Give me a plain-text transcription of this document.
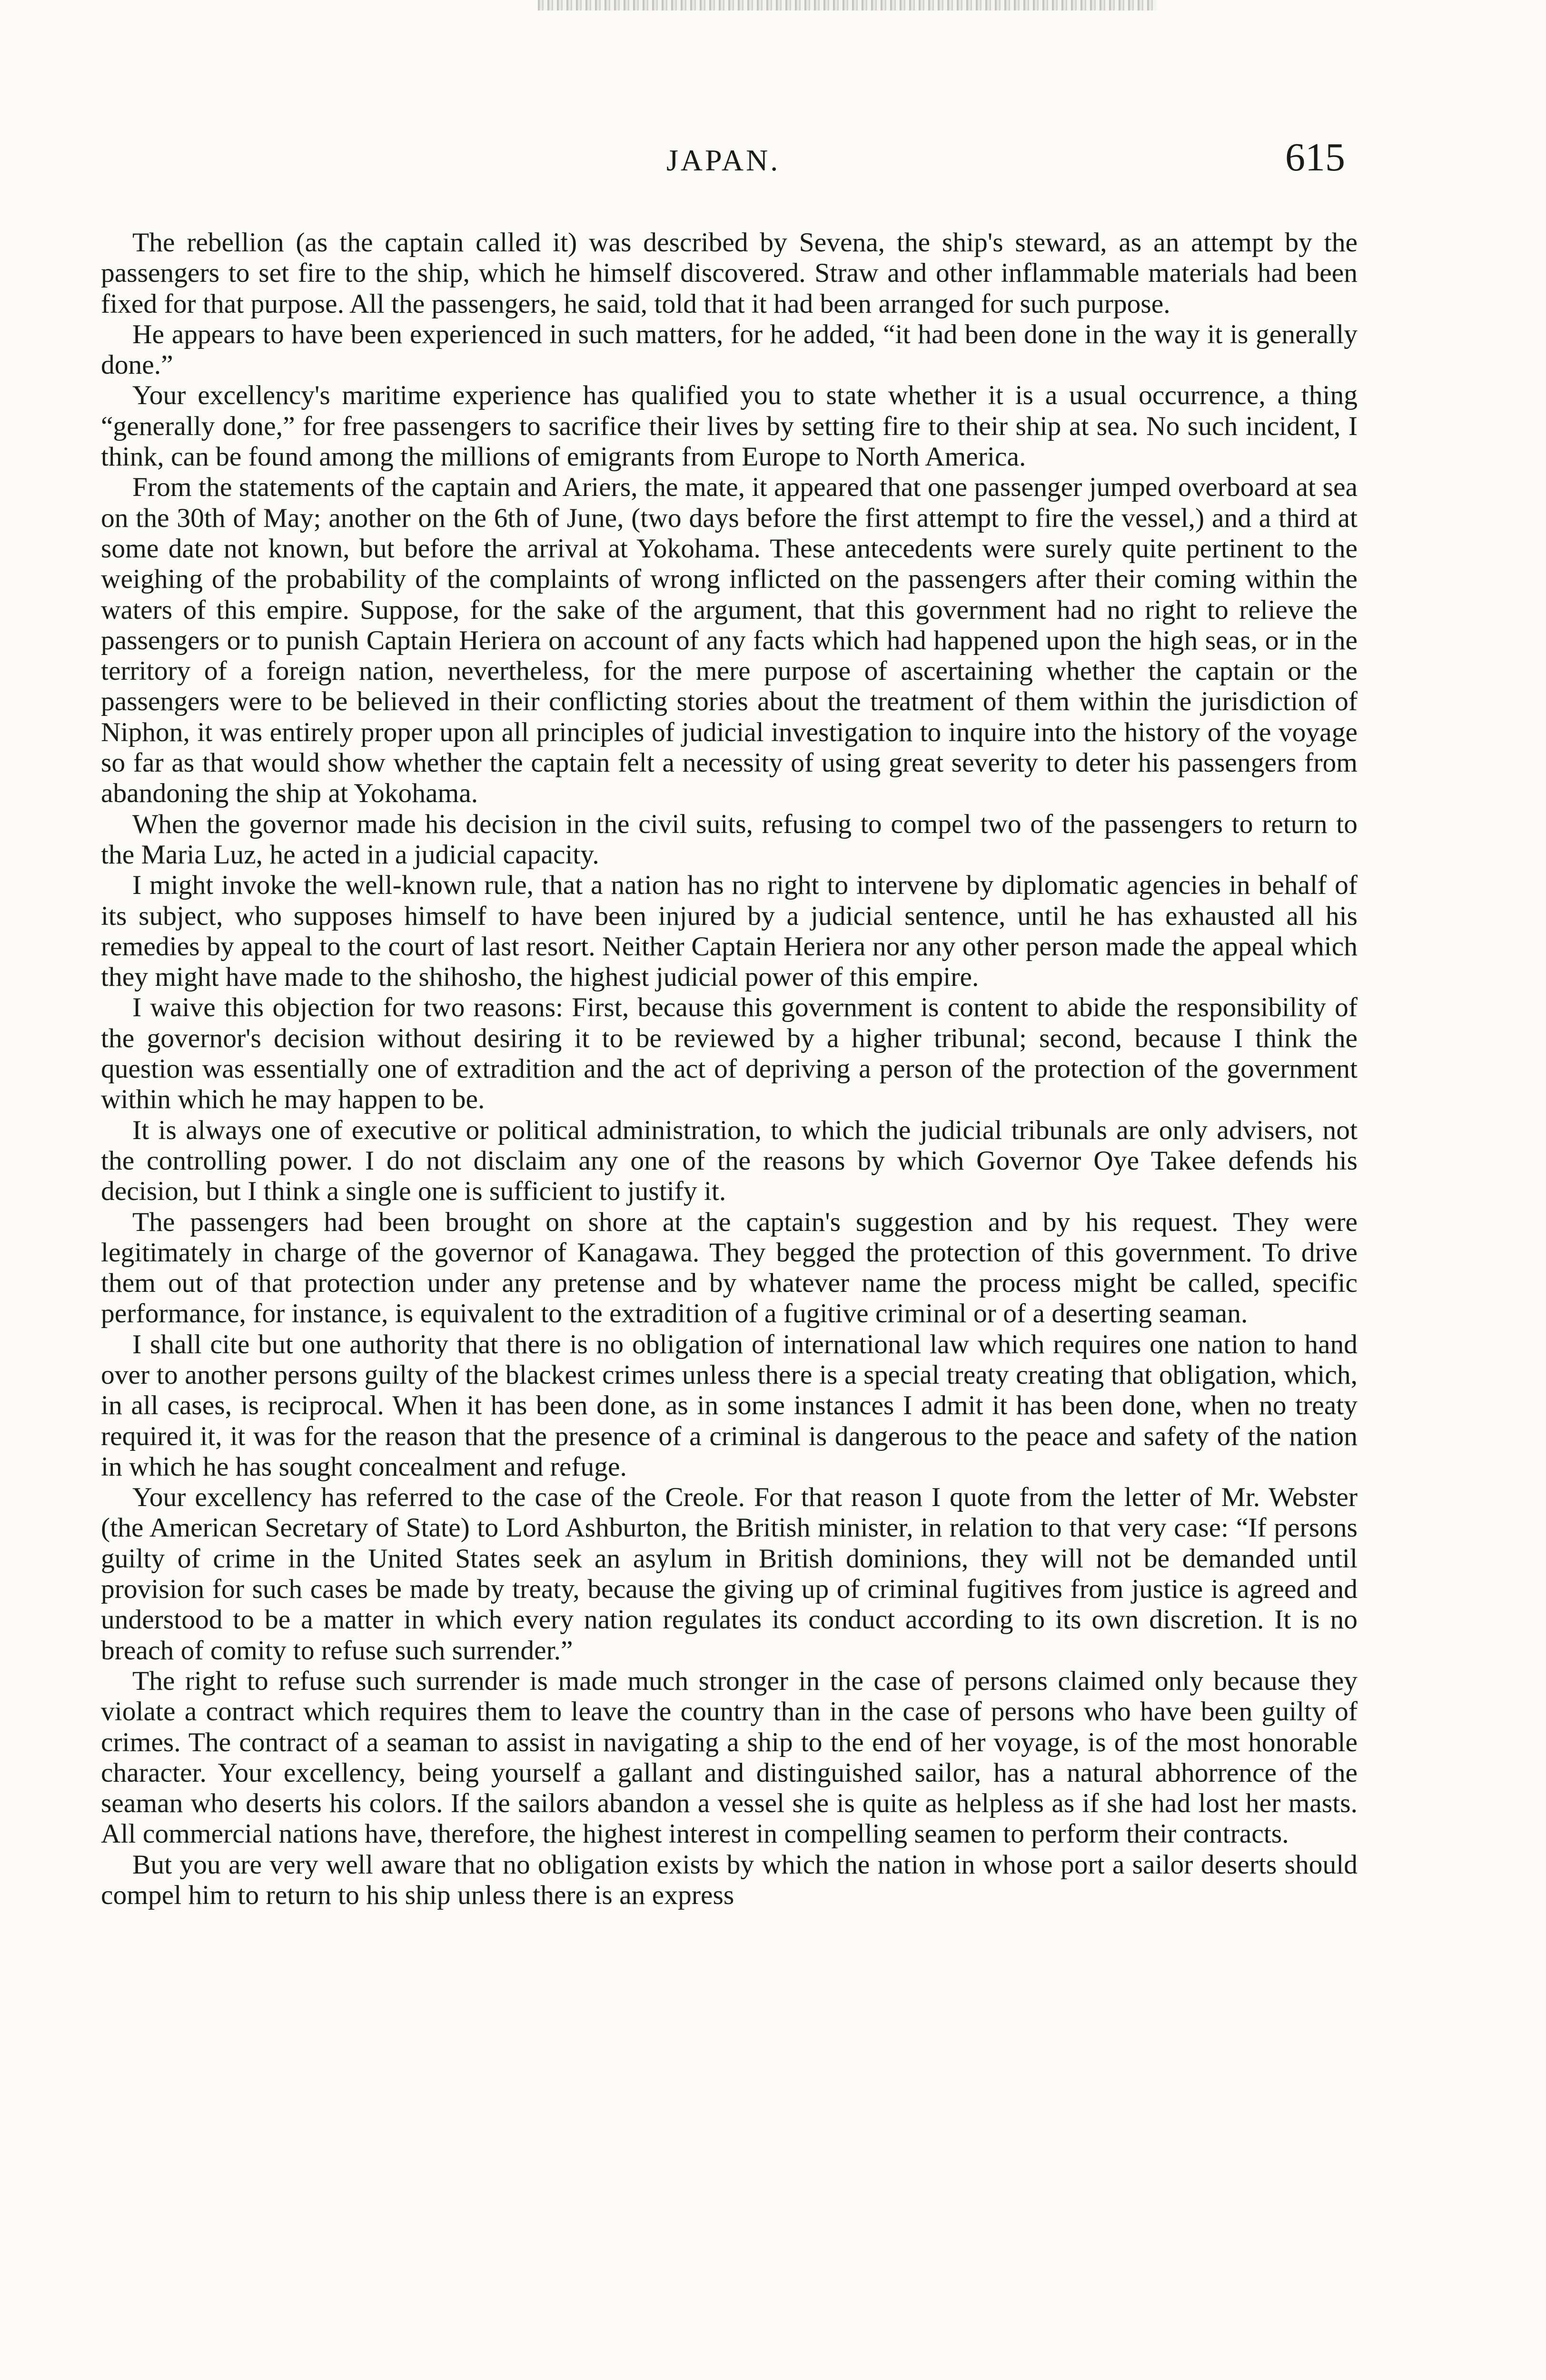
JAPAN.	615

The rebellion (as the captain called it) was described by Sevena, the ship's steward, as an attempt by the passengers to set fire to the ship, which he himself discovered. Straw and other inflammable materials had been fixed for that purpose. All the passengers, he said, told that it had been arranged for such purpose.

He appears to have been experienced in such matters, for he added, “it had been done in the way it is generally done.”

Your excellency's maritime experience has qualified you to state whether it is a usual occurrence, a thing “generally done,” for free passengers to sacrifice their lives by setting fire to their ship at sea. No such incident, I think, can be found among the millions of emigrants from Europe to North America.

From the statements of the captain and Ariers, the mate, it appeared that one passenger jumped overboard at sea on the 30th of May; another on the 6th of June, (two days before the first attempt to fire the vessel,) and a third at some date not known, but before the arrival at Yokohama. These antecedents were surely quite pertinent to the weighing of the probability of the complaints of wrong inflicted on the passengers after their coming within the waters of this empire. Suppose, for the sake of the argument, that this government had no right to relieve the passengers or to punish Captain Heriera on account of any facts which had happened upon the high seas, or in the territory of a foreign nation, nevertheless, for the mere purpose of ascertaining whether the captain or the passengers were to be believed in their conflicting stories about the treatment of them within the jurisdiction of Niphon, it was entirely proper upon all principles of judicial investigation to inquire into the history of the voyage so far as that would show whether the captain felt a necessity of using great severity to deter his passengers from abandoning the ship at Yokohama.

When the governor made his decision in the civil suits, refusing to compel two of the passengers to return to the Maria Luz, he acted in a judicial capacity.

I might invoke the well-known rule, that a nation has no right to intervene by diplomatic agencies in behalf of its subject, who supposes himself to have been injured by a judicial sentence, until he has exhausted all his remedies by appeal to the court of last resort. Neither Captain Heriera nor any other person made the appeal which they might have made to the shihosho, the highest judicial power of this empire.

I waive this objection for two reasons: First, because this government is content to abide the responsibility of the governor's decision without desiring it to be reviewed by a higher tribunal; second, because I think the question was essentially one of extradition and the act of depriving a person of the protection of the government within which he may happen to be.

It is always one of executive or political administration, to which the judicial tribunals are only advisers, not the controlling power. I do not disclaim any one of the reasons by which Governor Oye Takee defends his decision, but I think a single one is sufficient to justify it.

The passengers had been brought on shore at the captain's suggestion and by his request. They were legitimately in charge of the governor of Kanagawa. They begged the protection of this government. To drive them out of that protection under any pretense and by whatever name the process might be called, specific performance, for instance, is equivalent to the extradition of a fugitive criminal or of a deserting seaman.

I shall cite but one authority that there is no obligation of international law which requires one nation to hand over to another persons guilty of the blackest crimes unless there is a special treaty creating that obligation, which, in all cases, is reciprocal. When it has been done, as in some instances I admit it has been done, when no treaty required it, it was for the reason that the presence of a criminal is dangerous to the peace and safety of the nation in which he has sought concealment and refuge.

Your excellency has referred to the case of the Creole. For that reason I quote from the letter of Mr. Webster (the American Secretary of State) to Lord Ashburton, the British minister, in relation to that very case: “If persons guilty of crime in the United States seek an asylum in British dominions, they will not be demanded until provision for such cases be made by treaty, because the giving up of criminal fugitives from justice is agreed and understood to be a matter in which every nation regulates its conduct according to its own discretion. It is no breach of comity to refuse such surrender.”

The right to refuse such surrender is made much stronger in the case of persons claimed only because they violate a contract which requires them to leave the country than in the case of persons who have been guilty of crimes. The contract of a seaman to assist in navigating a ship to the end of her voyage, is of the most honorable character. Your excellency, being yourself a gallant and distinguished sailor, has a natural abhorrence of the seaman who deserts his colors. If the sailors abandon a vessel she is quite as helpless as if she had lost her masts. All commercial nations have, therefore, the highest interest in compelling seamen to perform their contracts.

But you are very well aware that no obligation exists by which the nation in whose port a sailor deserts should compel him to return to his ship unless there is an express
